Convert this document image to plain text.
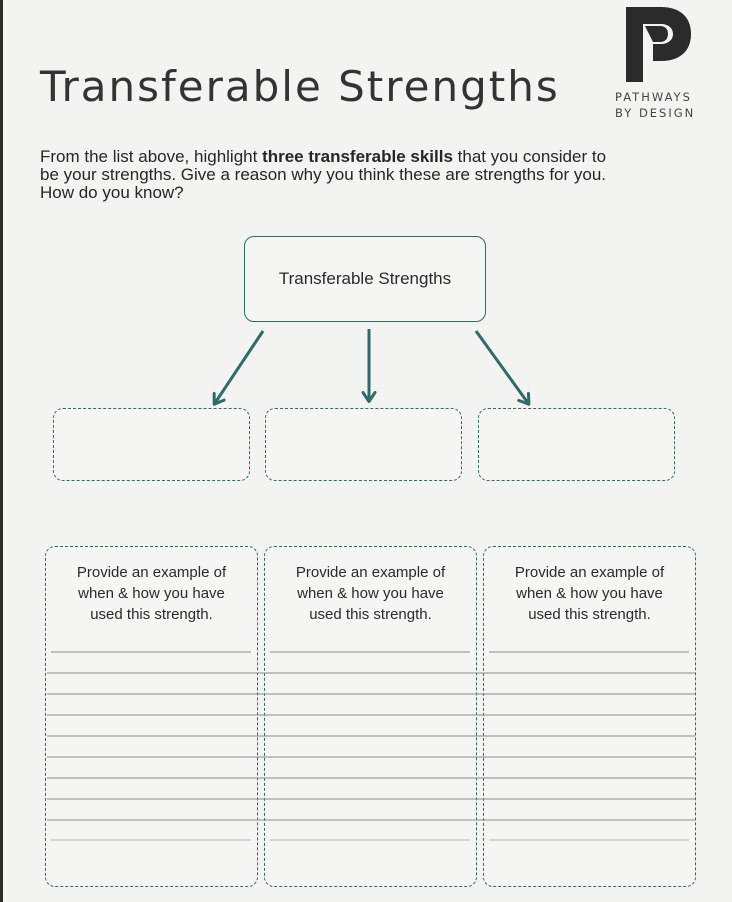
Transferable Strengths	PATHWAYS
BY DESIGN
From the list above, highlight three transferable skills that you consider to be your strengths. Give a reason why you think these are strengths for you. How do you know?
Transferable Strengths
Provide an example of when & how you have used this strength.
Provide an example of when & how you have used this strength.
Provide an example of when & how you have used this strength.
